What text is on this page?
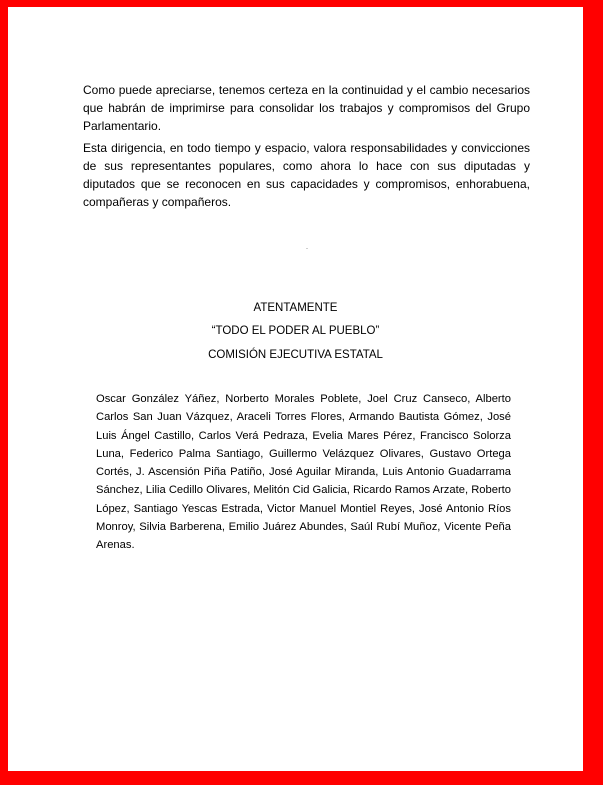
Como puede apreciarse, tenemos certeza en la continuidad y el cambio necesarios que habrán de imprimirse para consolidar los trabajos y compromisos del Grupo Parlamentario.

Esta dirigencia, en todo tiempo y espacio, valora responsabilidades y convicciones de sus representantes populares, como ahora lo hace con sus diputadas y diputados que se reconocen en sus capacidades y compromisos, enhorabuena, compañeras y compañeros.

ATENTAMENTE
“TODO EL PODER AL PUEBLO”
COMISIÓN EJECUTIVA ESTATAL

Oscar González Yáñez, Norberto Morales Poblete, Joel Cruz Canseco, Alberto Carlos San Juan Vázquez, Araceli Torres Flores, Armando Bautista Gómez, José Luis Ángel Castillo, Carlos Verá Pedraza, Evelia Mares Pérez, Francisco Solorza Luna, Federico Palma Santiago, Guillermo Velázquez Olivares, Gustavo Ortega Cortés, J. Ascensión Piña Patiño, José Aguilar Miranda, Luis Antonio Guadarrama Sánchez, Lilia Cedillo Olivares, Melitón Cid Galicia, Ricardo Ramos Arzate, Roberto López, Santiago Yescas Estrada, Victor Manuel Montiel Reyes, José Antonio Ríos Monroy, Silvia Barberena, Emilio Juárez Abundes, Saúl Rubí Muñoz, Vicente Peña Arenas.
